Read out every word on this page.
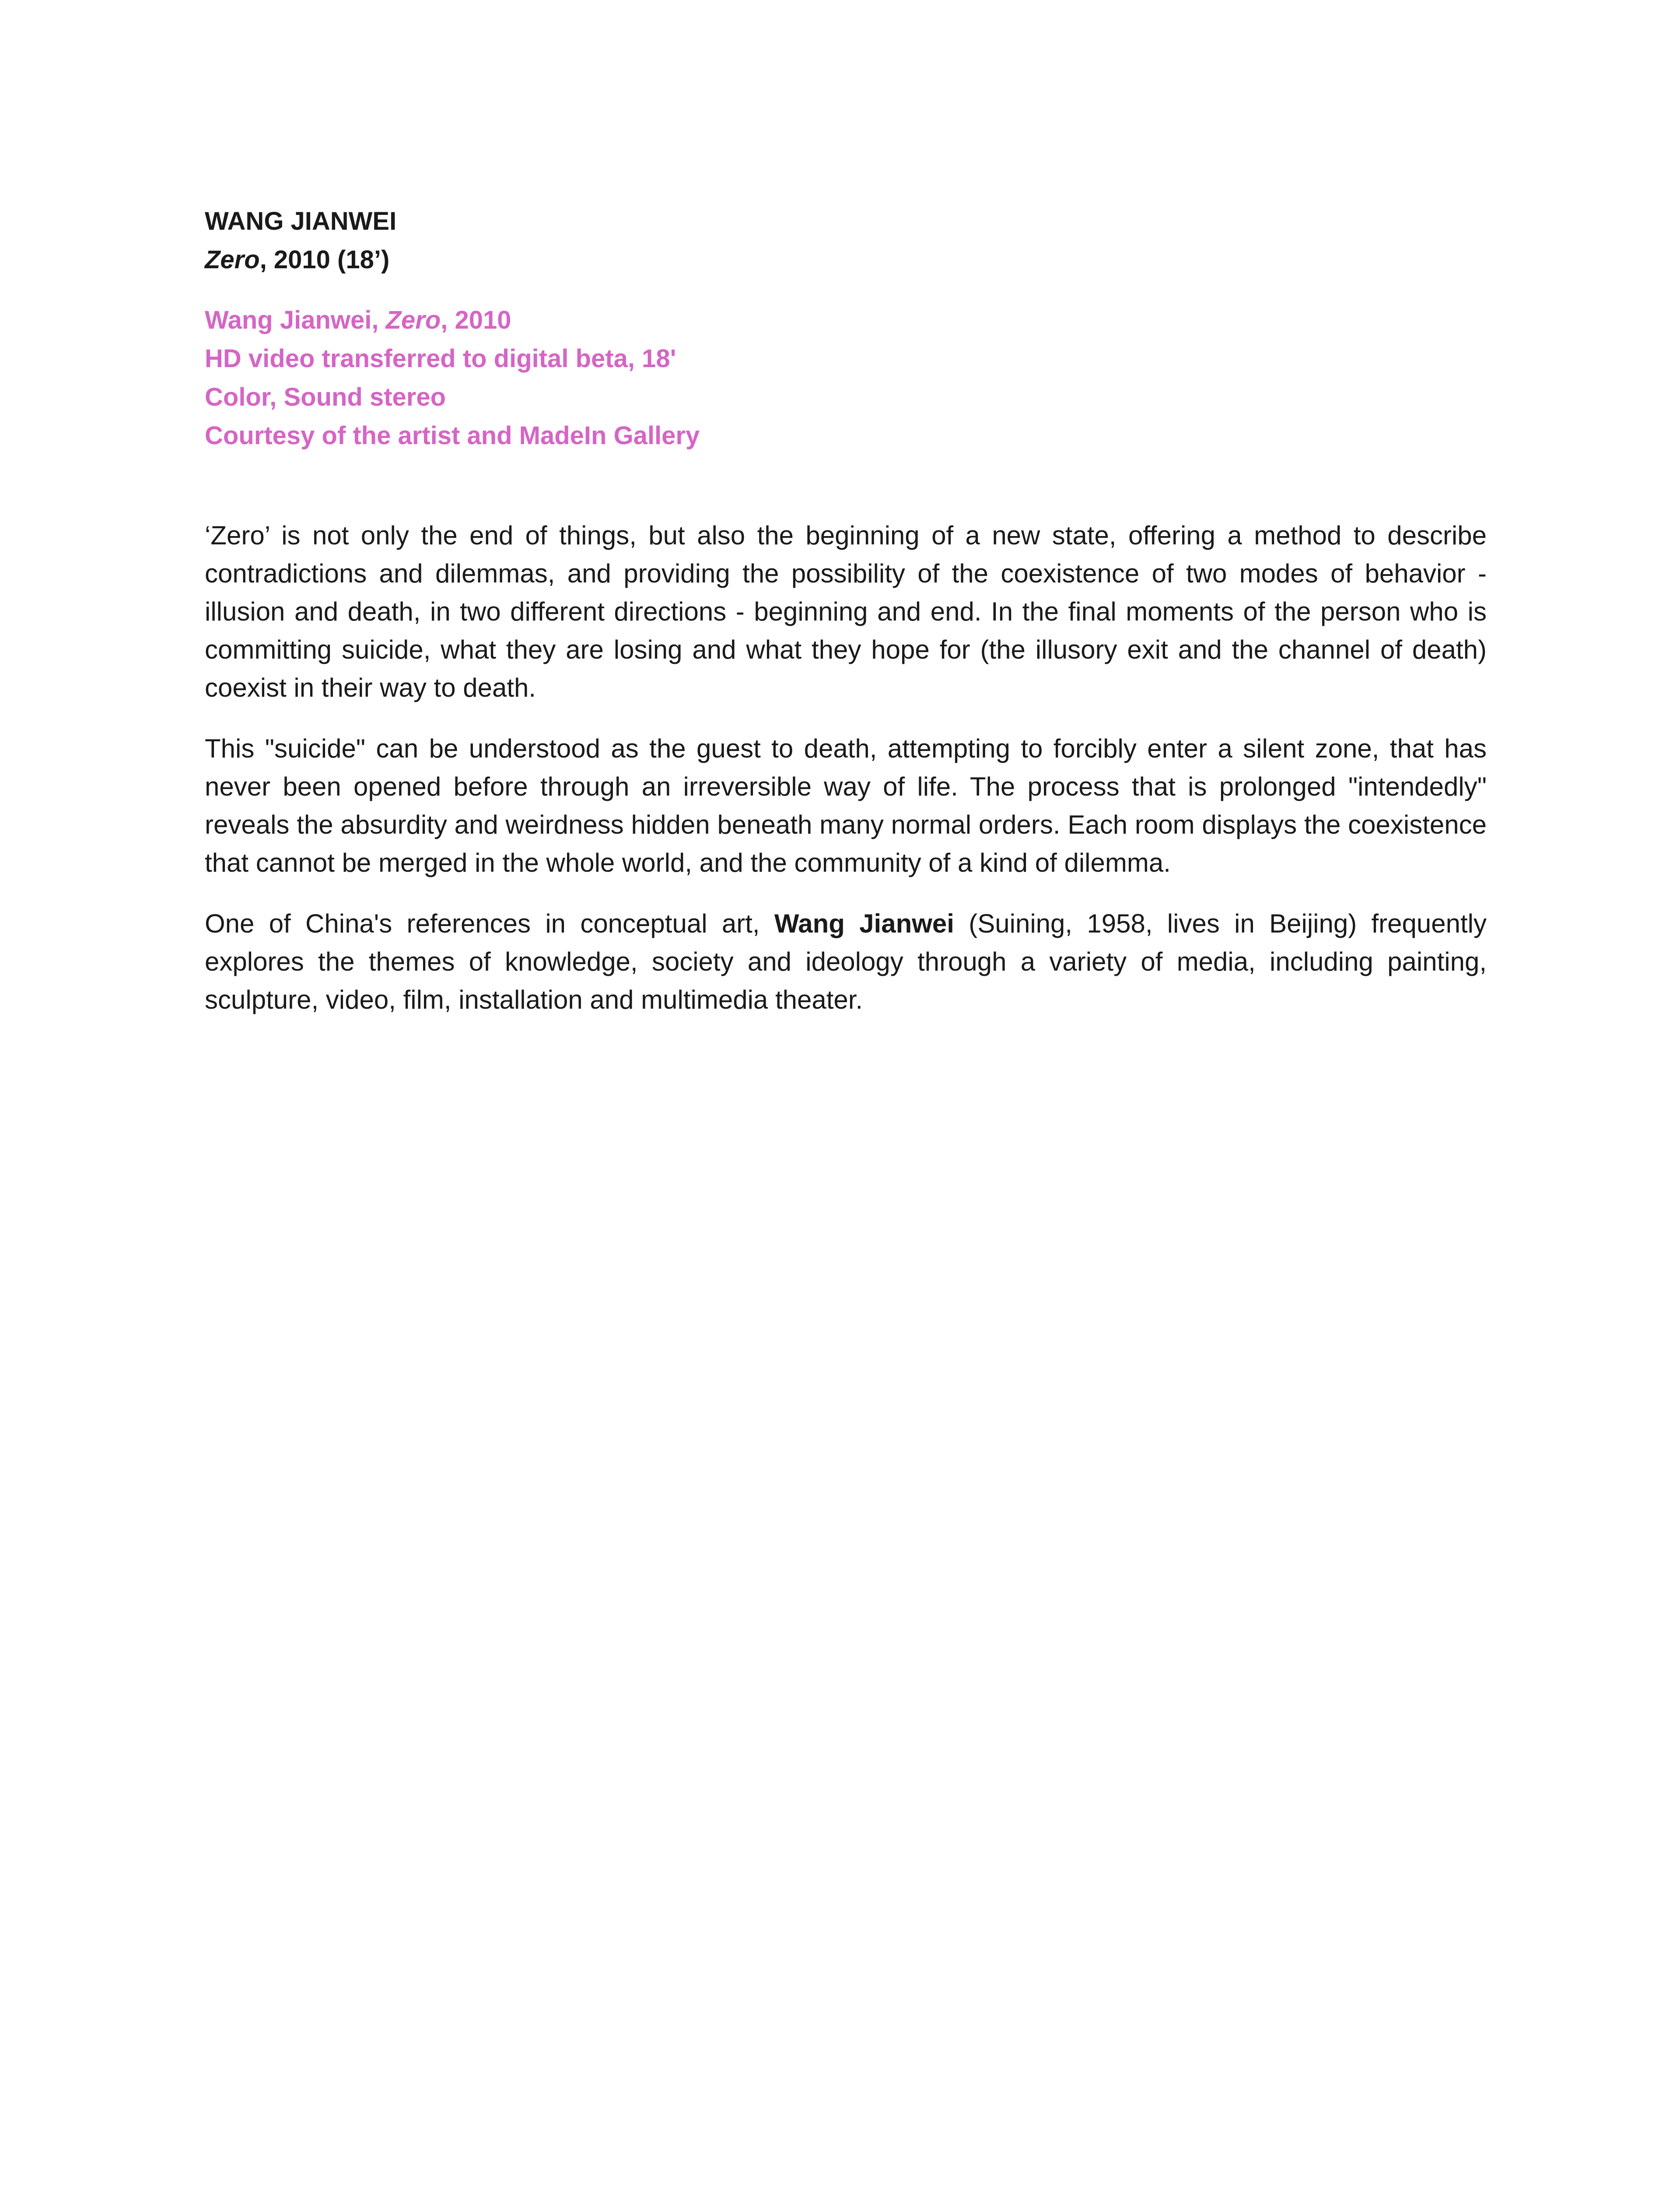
WANG JIANWEI
Zero, 2010 (18’)
Wang Jianwei, Zero, 2010
HD video transferred to digital beta, 18'
Color, Sound stereo
Courtesy of the artist and MadeIn Gallery

‘Zero’ is not only the end of things, but also the beginning of a new state, offering a method to describe contradictions and dilemmas, and providing the possibility of the coexistence of two modes of behavior - illusion and death, in two different directions - beginning and end. In the final moments of the person who is committing suicide, what they are losing and what they hope for (the illusory exit and the channel of death) coexist in their way to death.

This "suicide" can be understood as the guest to death, attempting to forcibly enter a silent zone, that has never been opened before through an irreversible way of life. The process that is prolonged "intendedly" reveals the absurdity and weirdness hidden beneath many normal orders. Each room displays the coexistence that cannot be merged in the whole world, and the community of a kind of dilemma.

One of China's references in conceptual art, Wang Jianwei (Suining, 1958, lives in Beijing) frequently explores the themes of knowledge, society and ideology through a variety of media, including painting, sculpture, video, film, installation and multimedia theater.
